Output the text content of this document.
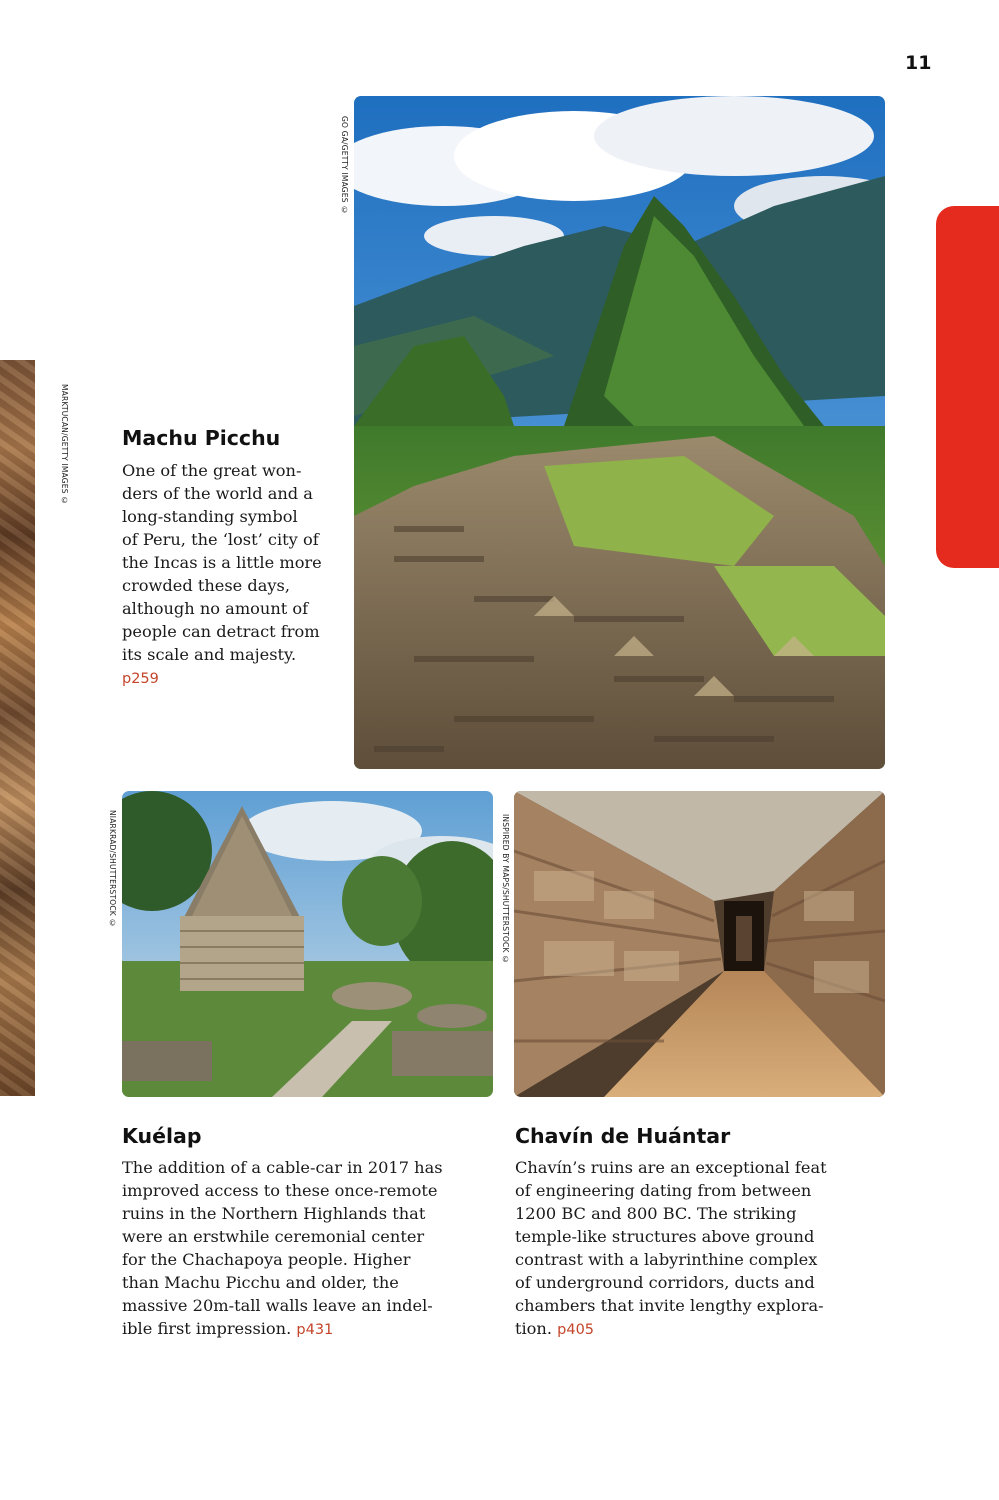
11
MARKTUCAN/GETTY IMAGES ©
GO GA/GETTY IMAGES ©
Machu Picchu
One of the great won-
ders of the world and a
long-standing symbol
of Peru, the ‘lost’ city of
the Incas is a little more
crowded these days,
although no amount of
people can detract from
its scale and majesty.
p259
NIARKRAD/SHUTTERSTOCK ©	INSPIRED BY MAPS/SHUTTERSTOCK ©
Kuélap
The addition of a cable-car in 2017 has
improved access to these once-remote
ruins in the Northern Highlands that
were an erstwhile ceremonial center
for the Chachapoya people. Higher
than Machu Picchu and older, the
massive 20m-tall walls leave an indel-
ible first impression. p431
Chavín de Huántar
Chavín’s ruins are an exceptional feat
of engineering dating from between
1200 BC and 800 BC. The striking
temple-like structures above ground
contrast with a labyrinthine complex
of underground corridors, ducts and
chambers that invite lengthy explora-
tion. p405
